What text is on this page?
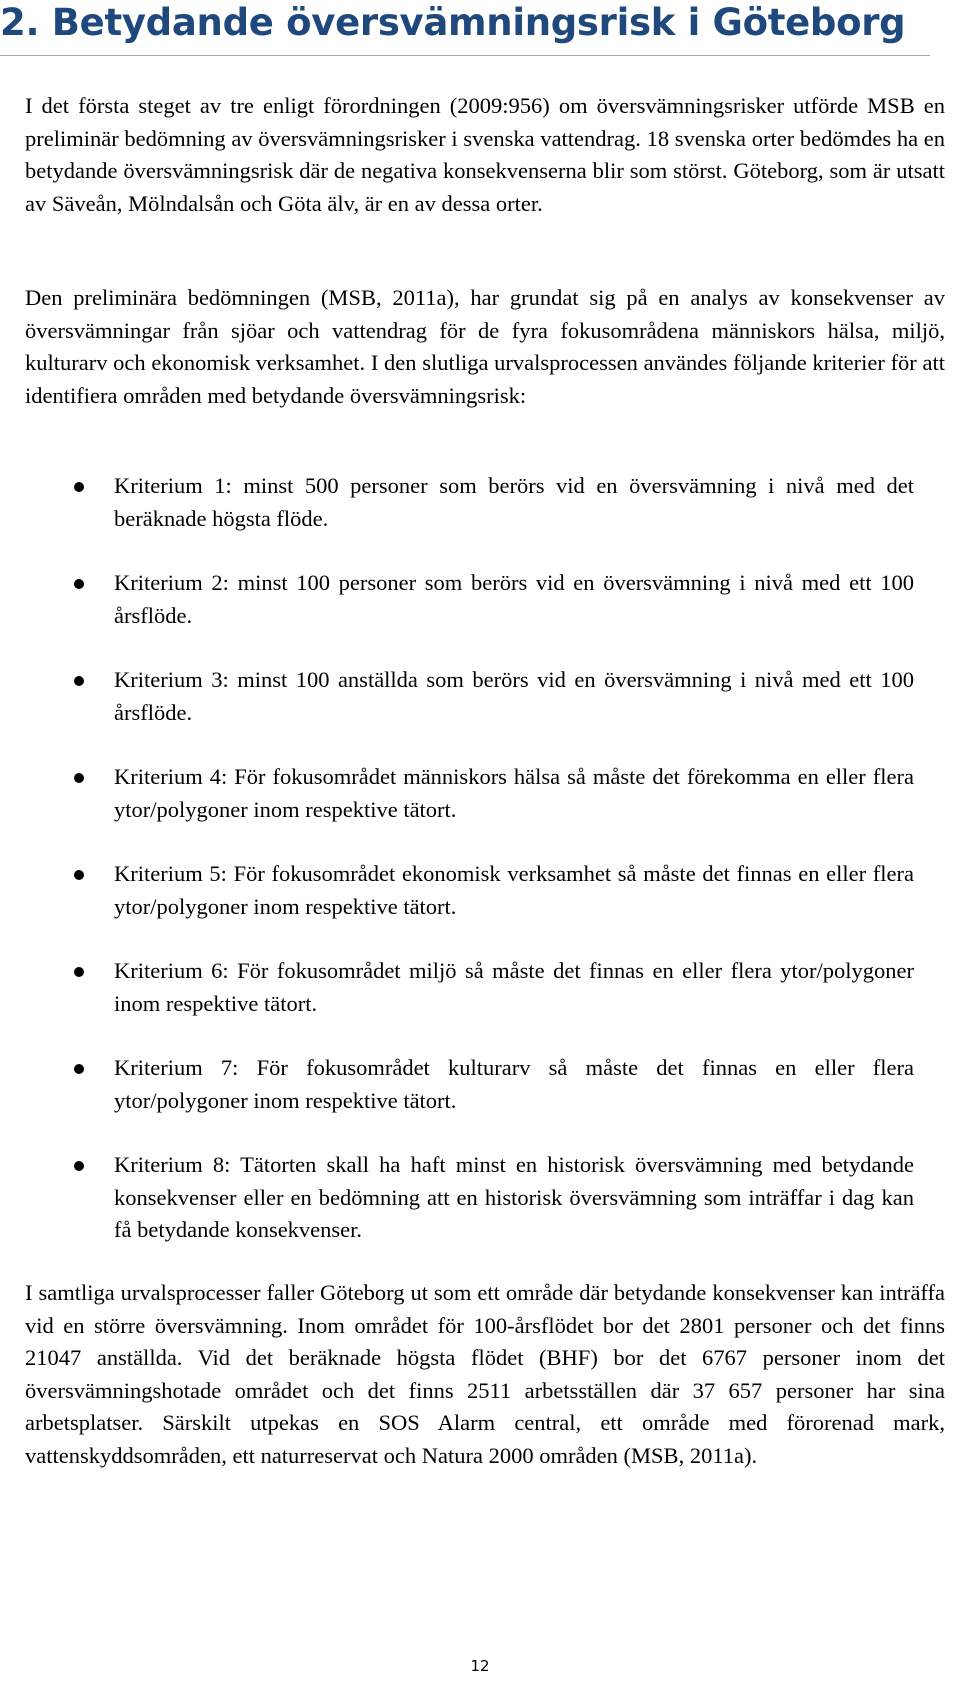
2. Betydande översvämningsrisk i Göteborg

I det första steget av tre enligt förordningen (2009:956) om översvämningsrisker utförde MSB en preliminär bedömning av översvämningsrisker i svenska vattendrag. 18 svenska orter bedömdes ha en betydande översvämningsrisk där de negativa konsekvenserna blir som störst. Göteborg, som är utsatt av Säveån, Mölndalsån och Göta älv, är en av dessa orter.

Den preliminära bedömningen (MSB, 2011a), har grundat sig på en analys av konsekvenser av översvämningar från sjöar och vattendrag för de fyra fokusområdena människors hälsa, miljö, kulturarv och ekonomisk verksamhet. I den slutliga urvalsprocessen användes följande kriterier för att identifiera områden med betydande översvämningsrisk:

Kriterium 1: minst 500 personer som berörs vid en översvämning i nivå med det beräknade högsta flöde.

Kriterium 2: minst 100 personer som berörs vid en översvämning i nivå med ett 100 årsflöde.

Kriterium 3: minst 100 anställda som berörs vid en översvämning i nivå med ett 100 årsflöde.

Kriterium 4: För fokusområdet människors hälsa så måste det förekomma en eller flera ytor/polygoner inom respektive tätort.

Kriterium 5: För fokusområdet ekonomisk verksamhet så måste det finnas en eller flera ytor/polygoner inom respektive tätort.

Kriterium 6: För fokusområdet miljö så måste det finnas en eller flera ytor/polygoner inom respektive tätort.

Kriterium 7: För fokusområdet kulturarv så måste det finnas en eller flera ytor/polygoner inom respektive tätort.

Kriterium 8: Tätorten skall ha haft minst en historisk översvämning med betydande konsekvenser eller en bedömning att en historisk översvämning som inträffar i dag kan få betydande konsekvenser.

I samtliga urvalsprocesser faller Göteborg ut som ett område där betydande konsekvenser kan inträffa vid en större översvämning. Inom området för 100-årsflödet bor det 2801 personer och det finns 21047 anställda. Vid det beräknade högsta flödet (BHF) bor det 6767 personer inom det översvämningshotade området och det finns 2511 arbetsställen där 37 657 personer har sina arbetsplatser. Särskilt utpekas en SOS Alarm central, ett område med förorenad mark, vattenskyddsområden, ett naturreservat och Natura 2000 områden (MSB, 2011a).

12
